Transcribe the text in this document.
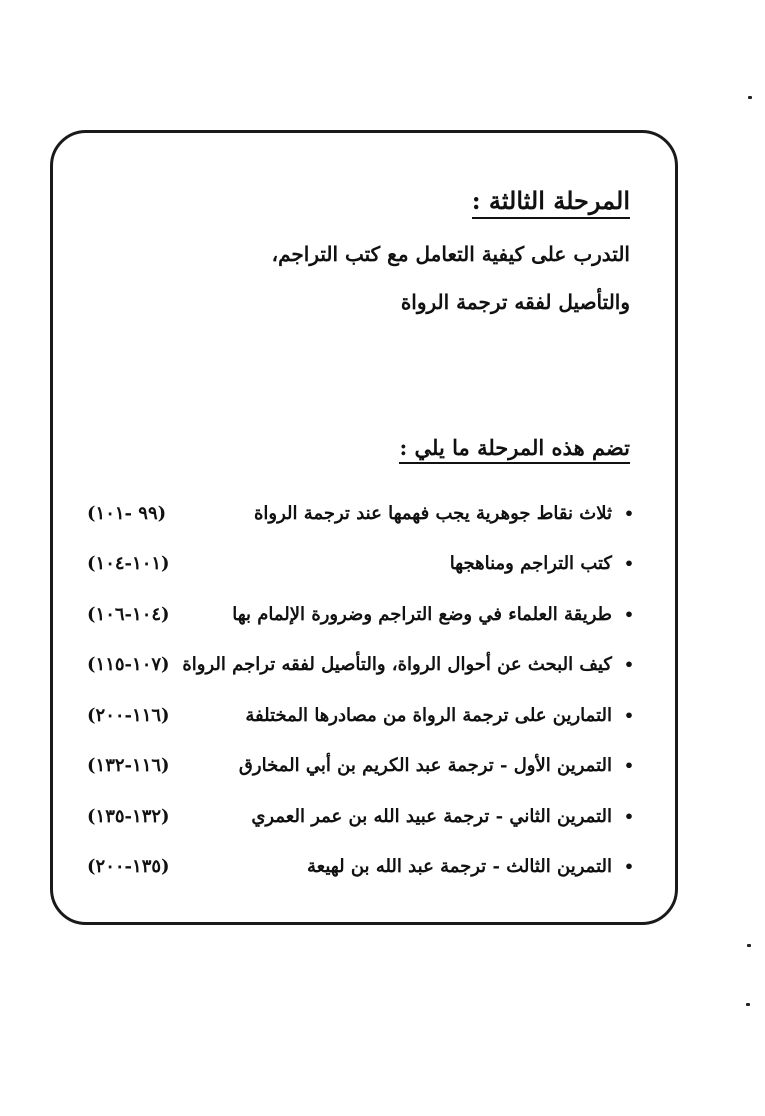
المرحلة الثالثة :
التدرب على كيفية التعامل مع كتب التراجم،
والتأصيل لفقه ترجمة الرواة
تضم هذه المرحلة ما يلي :
•
ثلاث نقاط جوهرية يجب فهمها عند ترجمة الرواة
(٩٩ -١٠١)
•
كتب التراجم ومناهجها
(١٠١-١٠٤)
•
طريقة العلماء في وضع التراجم وضرورة الإلمام بها
(١٠٤-١٠٦)
•
كيف البحث عن أحوال الرواة، والتأصيل لفقه تراجم الرواة
(١٠٧-١١٥)
•
التمارين على ترجمة الرواة من مصادرها المختلفة
(١١٦-٢٠٠)
•
التمرين الأول - ترجمة عبد الكريم بن أبي المخارق
(١١٦-١٣٢)
•
التمرين الثاني - ترجمة عبيد الله بن عمر العمري
(١٣٢-١٣٥)
•
التمرين الثالث - ترجمة عبد الله بن لهيعة
(١٣٥-٢٠٠)
